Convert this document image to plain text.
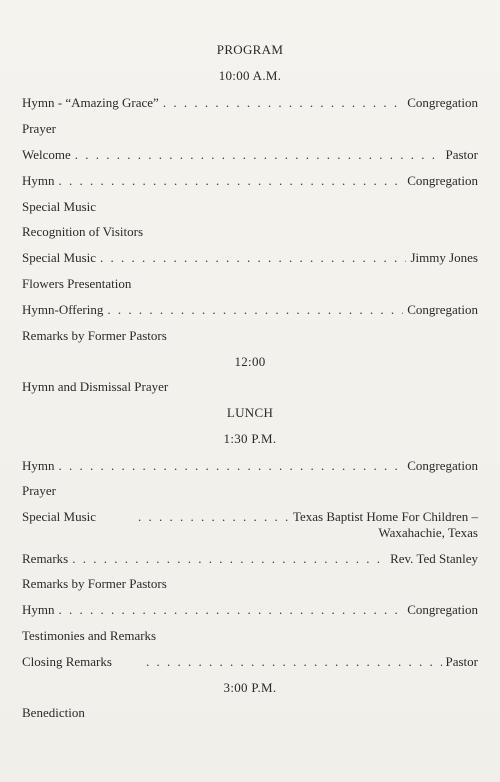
PROGRAM
10:00 A.M.
Hymn - “Amazing Grace” . . .	Congregation
Prayer
Welcome . . .	Pastor
Hymn . . .	Congregation
Special Music
Recognition of Visitors
Special Music . . .	Jimmy Jones
Flowers Presentation
Hymn-Offering . . .	Congregation
Remarks by Former Pastors
12:00
Hymn and Dismissal Prayer
LUNCH
1:30 P.M.
Hymn . . .	Congregation
Prayer
Special Music . . .	Texas Baptist Home For Children –
Waxahachie, Texas
Remarks . . .	Rev. Ted Stanley
Remarks by Former Pastors
Hymn . . .	Congregation
Testimonies and Remarks
Closing Remarks . . .	Pastor
3:00 P.M.
Benediction
